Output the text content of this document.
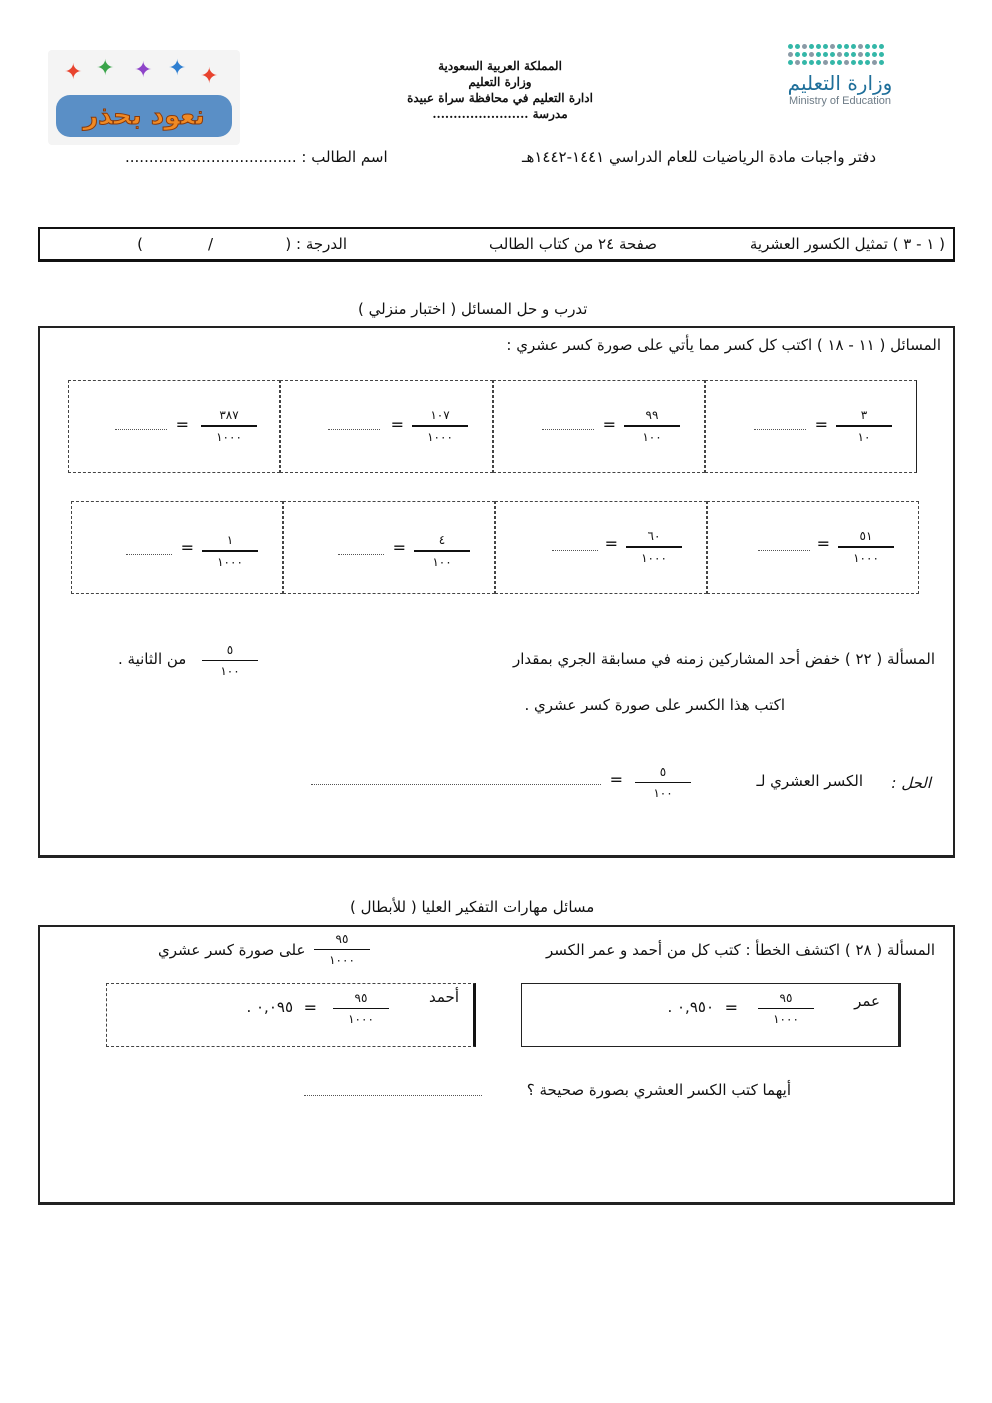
وزارة التعليم
Ministry of Education
✦ ✦ ✦ ✦ ✦
نعود بحذر
المملكة العربية السعودية
وزارة التعليم
ادارة التعليم في محافظة سراة عبيدة
مدرسة .......................
دفتر واجبات مادة الرياضيات للعام الدراسي ١٤٤١-١٤٤٢هـ
اسم الطالب : ....................................
( ١ - ٣ ) تمثيل الكسور العشرية
صفحة ٢٤ من كتاب الطالب
الدرجة : (
/
)
تدرب و حل المسائل ( اختبار منزلي )
المسائل ( ١١ - ١٨ ) اكتب كل كسر مما يأتي على صورة كسر عشري :
٣
١٠
=
٩٩
١٠٠
=
١٠٧
١٠٠٠
=
٣٨٧
١٠٠٠
=
٥١
١٠٠٠
=
٦٠
١٠٠٠
=
٤
١٠٠
=
١
١٠٠٠
=
المسألة ( ٢٢ ) خفض أحد المشاركين زمنه في مسابقة الجري بمقدار
٥
١٠٠
من الثانية .
اكتب هذا الكسر على صورة كسر عشري .
الحل :
الكسر العشري لـ
٥
١٠٠
=
مسائل مهارات التفكير العليا ( للأبطال )
المسألة ( ٢٨ ) اكتشف الخطأ : كتب كل من أحمد و عمر الكسر
٩٥
١٠٠٠
على صورة كسر عشري
عمر
٩٥
١٠٠٠
=
٠,٩٥٠ .
أحمد
٩٥
١٠٠٠
=
٠,٠٩٥ .
أيهما كتب الكسر العشري بصورة صحيحة ؟
